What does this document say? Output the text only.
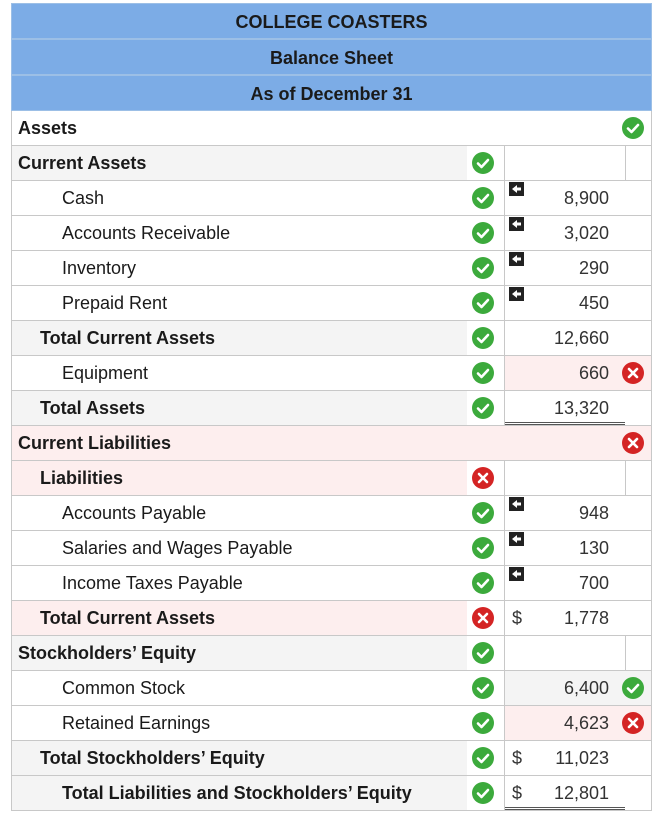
COLLEGE COASTERS
Balance Sheet
As of December 31
Assets
Current Assets
Cash	8,900
Accounts Receivable	3,020
Inventory	290
Prepaid Rent	450
Total Current Assets	12,660
Equipment	660
Total Assets	13,320
Current Liabilities
Liabilities
Accounts Payable	948
Salaries and Wages Payable	130
Income Taxes Payable	700
Total Current Assets	$ 1,778
Stockholders’ Equity
Common Stock	6,400
Retained Earnings	4,623
Total Stockholders’ Equity	$ 11,023
Total Liabilities and Stockholders’ Equity	$ 12,801
